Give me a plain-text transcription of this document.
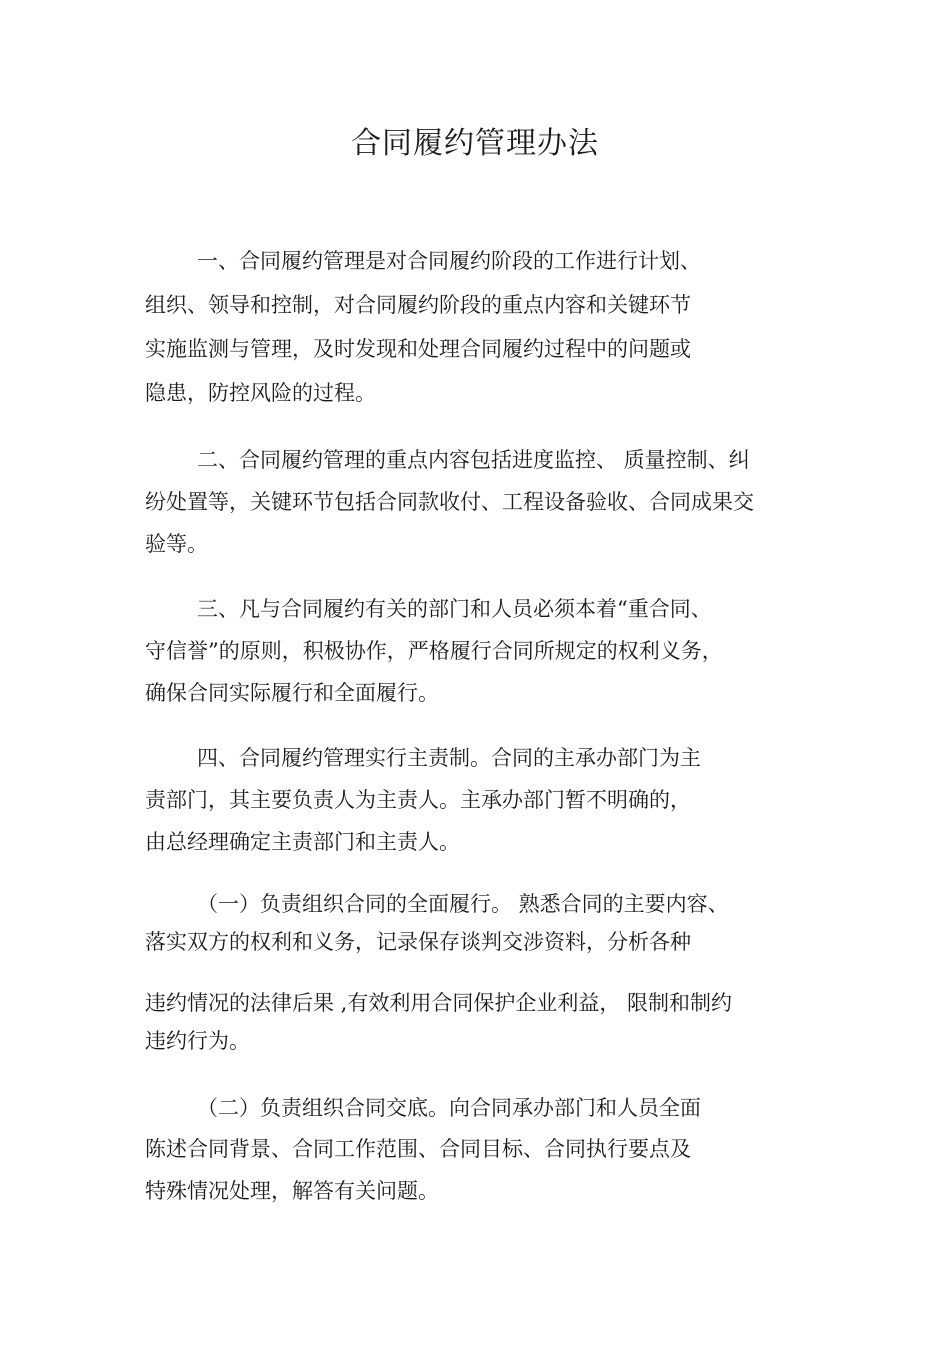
合同履约管理办法
一、合同履约管理是对合同履约阶段的工作进行计划、
组织、领导和控制，对合同履约阶段的重点内容和关键环节
实施监测与管理，及时发现和处理合同履约过程中的问题或
隐患，防控风险的过程。
二、合同履约管理的重点内容包括进度监控、 质量控制、纠
纷处置等，关键环节包括合同款收付、工程设备验收、合同成果交
验等。
三、凡与合同履约有关的部门和人员必须本着“重合同、
守信誉”的原则，积极协作，严格履行合同所规定的权利义务，
确保合同实际履行和全面履行。
四、合同履约管理实行主责制。合同的主承办部门为主
责部门，其主要负责人为主责人。主承办部门暂不明确的，
由总经理确定主责部门和主责人。
（一）负责组织合同的全面履行。 熟悉合同的主要内容、
落实双方的权利和义务，记录保存谈判交涉资料，分析各种
违约情况的法律后果 ,有效利用合同保护企业利益， 限制和制约
违约行为。
（二）负责组织合同交底。向合同承办部门和人员全面
陈述合同背景、合同工作范围、合同目标、合同执行要点及
特殊情况处理，解答有关问题。
